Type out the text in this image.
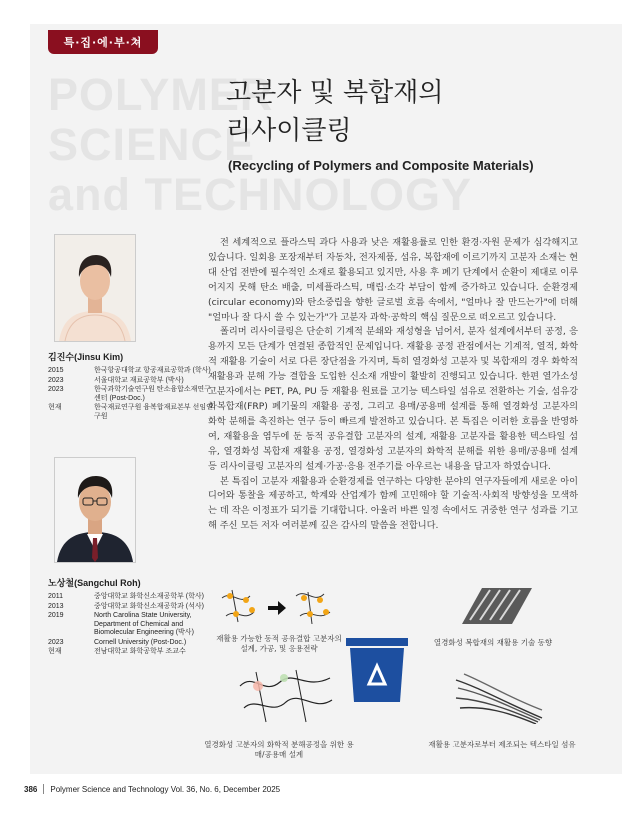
특·집·에·부·쳐
POLYMER
SCIENCE
and TECHNOLOGY
고분자 및 복합재의
리사이클링
(Recycling of Polymers and Composite Materials)
김진수(Jinsu Kim)
2015	한국항공대학교 항공재료공학과 (학사)
2023	서울대학교 재료공학부 (박사)
2023	한국과학기술연구원 탄소융합소재연구센터 (Post-Doc.)
현재	한국재료연구원 융복합재료본부 선임연구원
노상철(Sangchul Roh)
2011	중앙대학교 화학신소재공학부 (학사)
2013	중앙대학교 화학신소재공학과 (석사)
2019	North Carolina State University, Department of Chemical and Biomolecular Engineering (박사)
2023	Cornell University (Post-Doc.)
현재	전남대학교 화학공학부 조교수

전 세계적으로 플라스틱 과다 사용과 낮은 재활용률로 인한 환경·자원 문제가 심각해지고 있습니다. 일회용 포장재부터 자동차, 전자제품, 섬유, 복합재에 이르기까지 고분자 소재는 현대 산업 전반에 필수적인 소재로 활용되고 있지만, 사용 후 폐기 단계에서 순환이 제대로 이루어지지 못해 탄소 배출, 미세플라스틱, 매립·소각 부담이 함께 증가하고 있습니다. 순환경제(circular economy)와 탄소중립을 향한 글로벌 흐름 속에서, "얼마나 잘 만드는가"에 더해 "얼마나 잘 다시 쓸 수 있는가"가 고분자 과학·공학의 핵심 질문으로 떠오르고 있습니다.

폴리머 리사이클링은 단순히 기계적 분쇄와 재성형을 넘어서, 분자 설계에서부터 공정, 응용까지 모든 단계가 연결된 종합적인 문제입니다. 재활용 공정 관점에서는 기계적, 열적, 화학적 재활용 기술이 서로 다른 장단점을 가지며, 특히 열경화성 고분자 및 복합재의 경우 화학적 재활용과 분해 가능 결합을 도입한 신소재 개발이 활발히 진행되고 있습니다. 한편 열가소성 고분자에서는 PET, PA, PU 등 재활용 원료를 고기능 텍스타일 섬유로 전환하는 기술, 섬유강화복합재(FRP) 폐기물의 재활용 공정, 그리고 용매/공용매 설계를 통해 열경화성 고분자의 화학 분해를 촉진하는 연구 등이 빠르게 발전하고 있습니다. 본 특집은 이러한 흐름을 반영하여, 재활용을 염두에 둔 동적 공유결합 고분자의 설계, 재활용 고분자를 활용한 텍스타일 섬유, 열경화성 복합재 재활용 공정, 열경화성 고분자의 화학적 분해를 위한 용매/공용매 설계 등 리사이클링 고분자의 설계·가공·응용 전주기를 아우르는 내용을 담고자 하였습니다.

본 특집이 고분자 재활용과 순환경제를 연구하는 다양한 분야의 연구자들에게 새로운 아이디어와 통찰을 제공하고, 학계와 산업계가 함께 고민해야 할 기술적·사회적 방향성을 모색하는 데 작은 이정표가 되기를 기대합니다. 아울러 바쁜 일정 속에서도 귀중한 연구 성과를 기고해 주신 모든 저자 여러분께 깊은 감사의 말씀을 전합니다.

재활용 가능한 동적 공유결합 고분자의 설계, 가공, 및 응용전략
열경화성 복합재의 재활용 기술 동향
열경화성 고분자의 화학적 분해공정을 위한 용매/공용매 설계
재활용 고분자로부터 제조되는 텍스타일 섬유
386 Polymer Science and Technology Vol. 36, No. 6, December 2025
